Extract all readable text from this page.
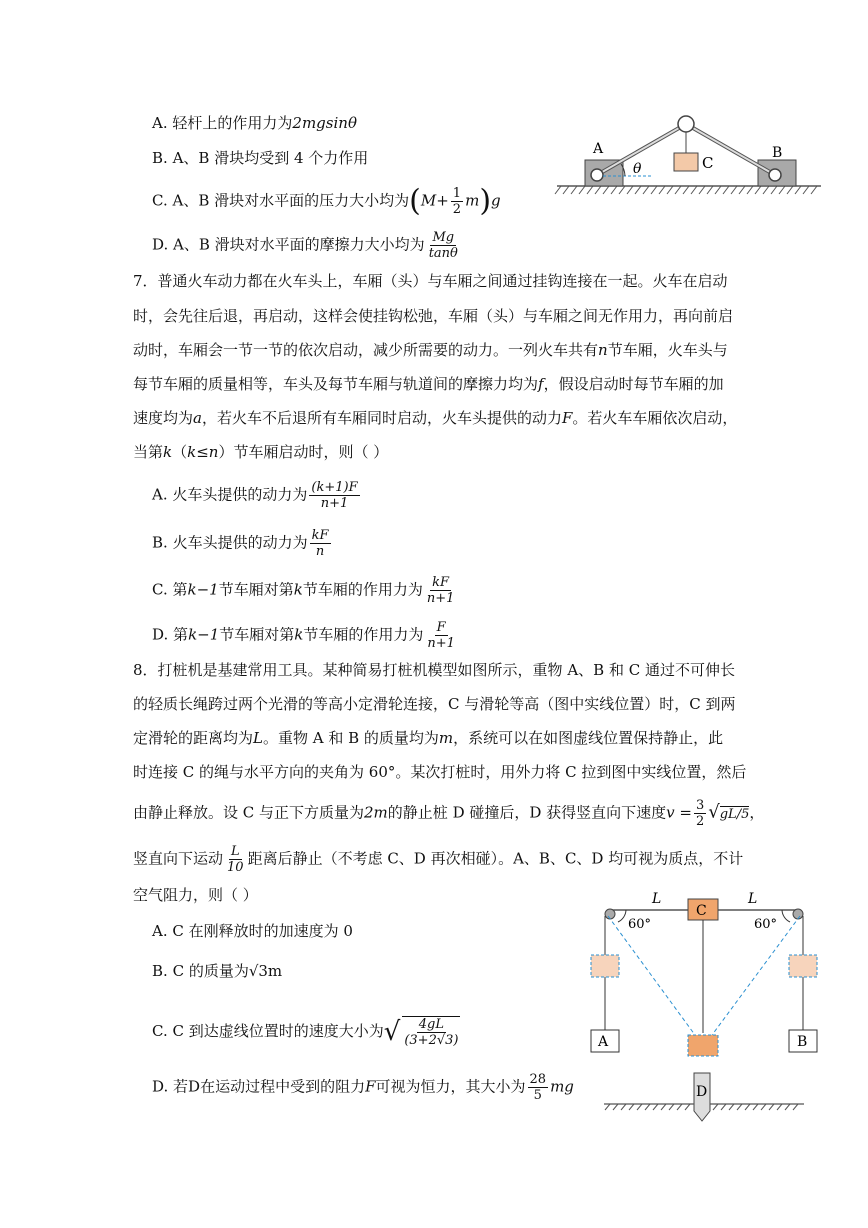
A. 轻杆上的作用力为2mgsinθ
B. A、B 滑块均受到 4 个力作用
C. A、B 滑块对水平面的压力大小均为$(M+ \frac{1}{2} m)g$
D. A、B 滑块对水平面的摩擦力大小均为 $\frac{Mg}{\tan\theta}$
A	B
C
θ
7．普通火车动力都在火车头上，车厢（头）与车厢之间通过挂钩连接在一起。火车在启动
时，会先往后退，再启动，这样会使挂钩松弛，车厢（头）与车厢之间无作用力，再向前启
动时，车厢会一节一节的依次启动，减少所需要的动力。一列火车共有n节车厢，火车头与
每节车厢的质量相等，车头及每节车厢与轨道间的摩擦力均为f，假设启动时每节车厢的加
速度均为a，若火车不后退所有车厢同时启动，火车头提供的动力F。若火车车厢依次启动，
当第k（k≤n）节车厢启动时，则（ ）
A. 火车头提供的动力为 $\frac{(k+1)F}{n+1}$
B. 火车头提供的动力为 $\frac{kF}{n}$
C. 第k−1节车厢对第k节车厢的作用力为 $\frac{kF}{n+1}$
D. 第k−1节车厢对第k节车厢的作用力为 $\frac{F}{n+1}$
8．打桩机是基建常用工具。某种简易打桩机模型如图所示，重物 A、B 和 C 通过不可伸长
的轻质长绳跨过两个光滑的等高小定滑轮连接，C 与滑轮等高（图中实线位置）时，C 到两
定滑轮的距离均为L。重物 A 和 B 的质量均为m，系统可以在如图虚线位置保持静止，此
时连接 C 的绳与水平方向的夹角为 60°。某次打桩时，用外力将 C 拉到图中实线位置，然后
由静止释放。设 C 与正下方质量为2m的静止桩 D 碰撞后，D 获得竖直向下速度$v = \frac{3}{2} √gL/5$，
竖直向下运动 $\frac{L}{10}$ 距离后静止（不考虑 C、D 再次相碰）。A、B、C、D 均可视为质点，不计
空气阻力，则（ ）
A. C 在刚释放时的加速度为 0
B. C 的质量为√3m
C. C 到达虚线位置时的速度大小为√ $\frac{4gL}{(3+2√3)}$
D. 若D在运动过程中受到的阻力F可视为恒力，其大小为 $\frac{28}{5}$ mg
L	L
C
60°	60°
A	B
D
